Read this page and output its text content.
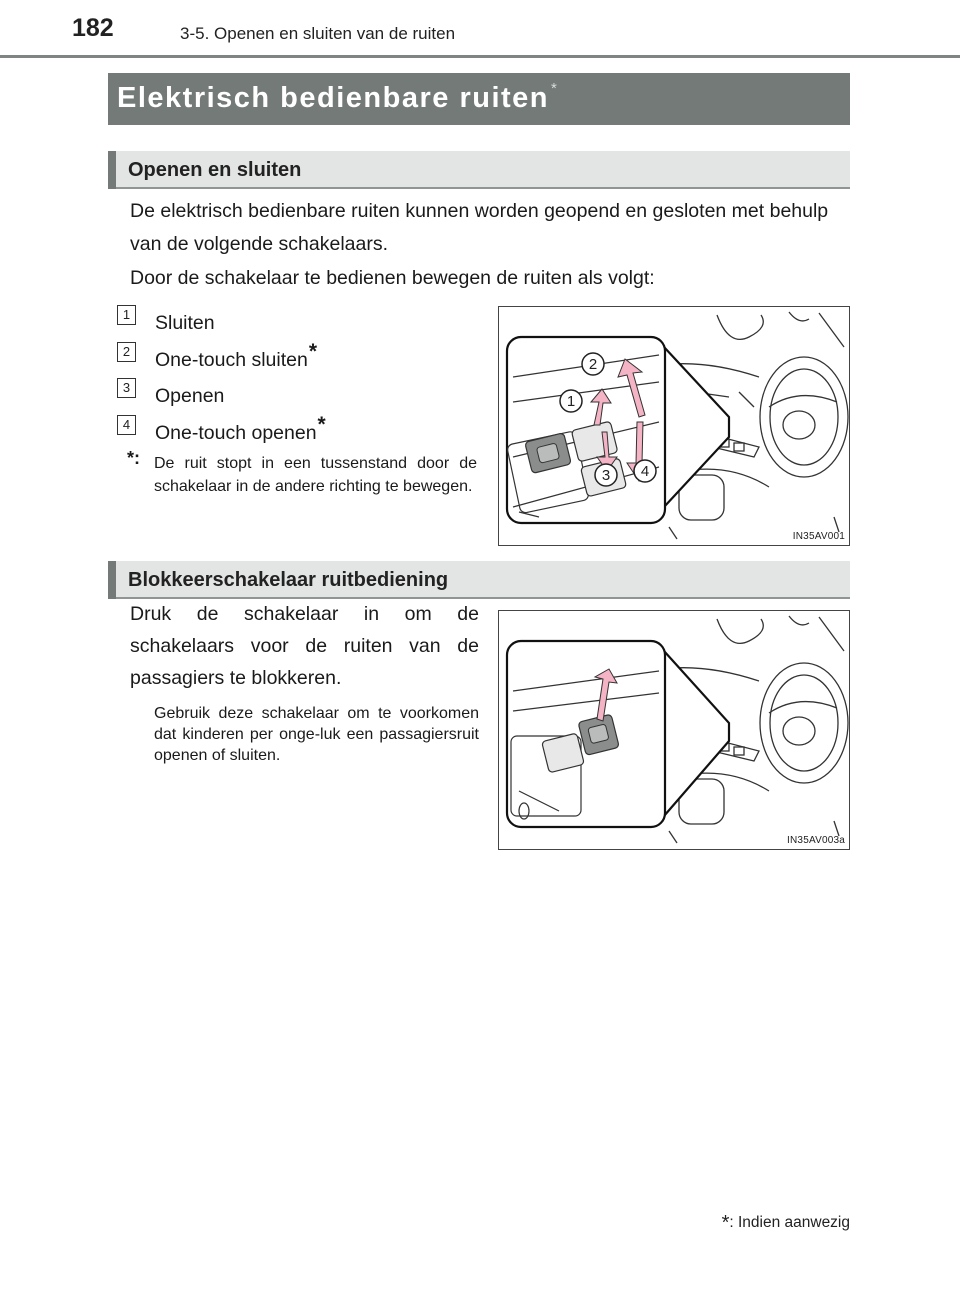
182	3-5. Openen en sluiten van de ruiten
Elektrisch bedienbare ruiten *
Openen en sluiten
De elektrisch bedienbare ruiten kunnen worden geopend en gesloten met behulp van de volgende schakelaars.
Door de schakelaar te bedienen bewegen de ruiten als volgt:
1	Sluiten
2	One-touch sluiten*
3	Openen
4	One-touch openen*
*: De ruit stopt in een tussenstand door de schakelaar in de andere richting te bewegen.
1
2
3 4
IN35AV001
Blokkeerschakelaar ruitbediening
Druk de schakelaar in om de schakelaars voor de ruiten van de passagiers te blokkeren.
Gebruik deze schakelaar om te voorkomen dat kinderen per onge-luk een passagiersruit openen of sluiten.
IN35AV003a
*: Indien aanwezig
